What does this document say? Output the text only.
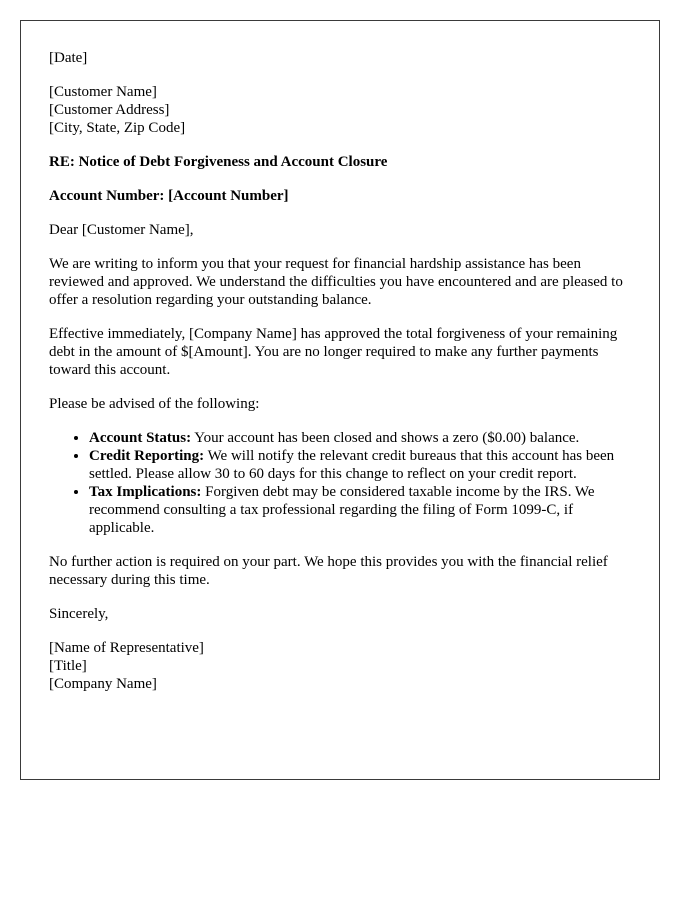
[Date]

[Customer Name]
[Customer Address]
[City, State, Zip Code]

RE: Notice of Debt Forgiveness and Account Closure

Account Number: [Account Number]

Dear [Customer Name],

We are writing to inform you that your request for financial hardship assistance has been reviewed and approved. We understand the difficulties you have encountered and are pleased to offer a resolution regarding your outstanding balance.

Effective immediately, [Company Name] has approved the total forgiveness of your remaining debt in the amount of $[Amount]. You are no longer required to make any further payments toward this account.

Please be advised of the following:

• Account Status: Your account has been closed and shows a zero ($0.00) balance.
• Credit Reporting: We will notify the relevant credit bureaus that this account has been settled. Please allow 30 to 60 days for this change to reflect on your credit report.
• Tax Implications: Forgiven debt may be considered taxable income by the IRS. We recommend consulting a tax professional regarding the filing of Form 1099-C, if applicable.

No further action is required on your part. We hope this provides you with the financial relief necessary during this time.

Sincerely,

[Name of Representative]
[Title]
[Company Name]
